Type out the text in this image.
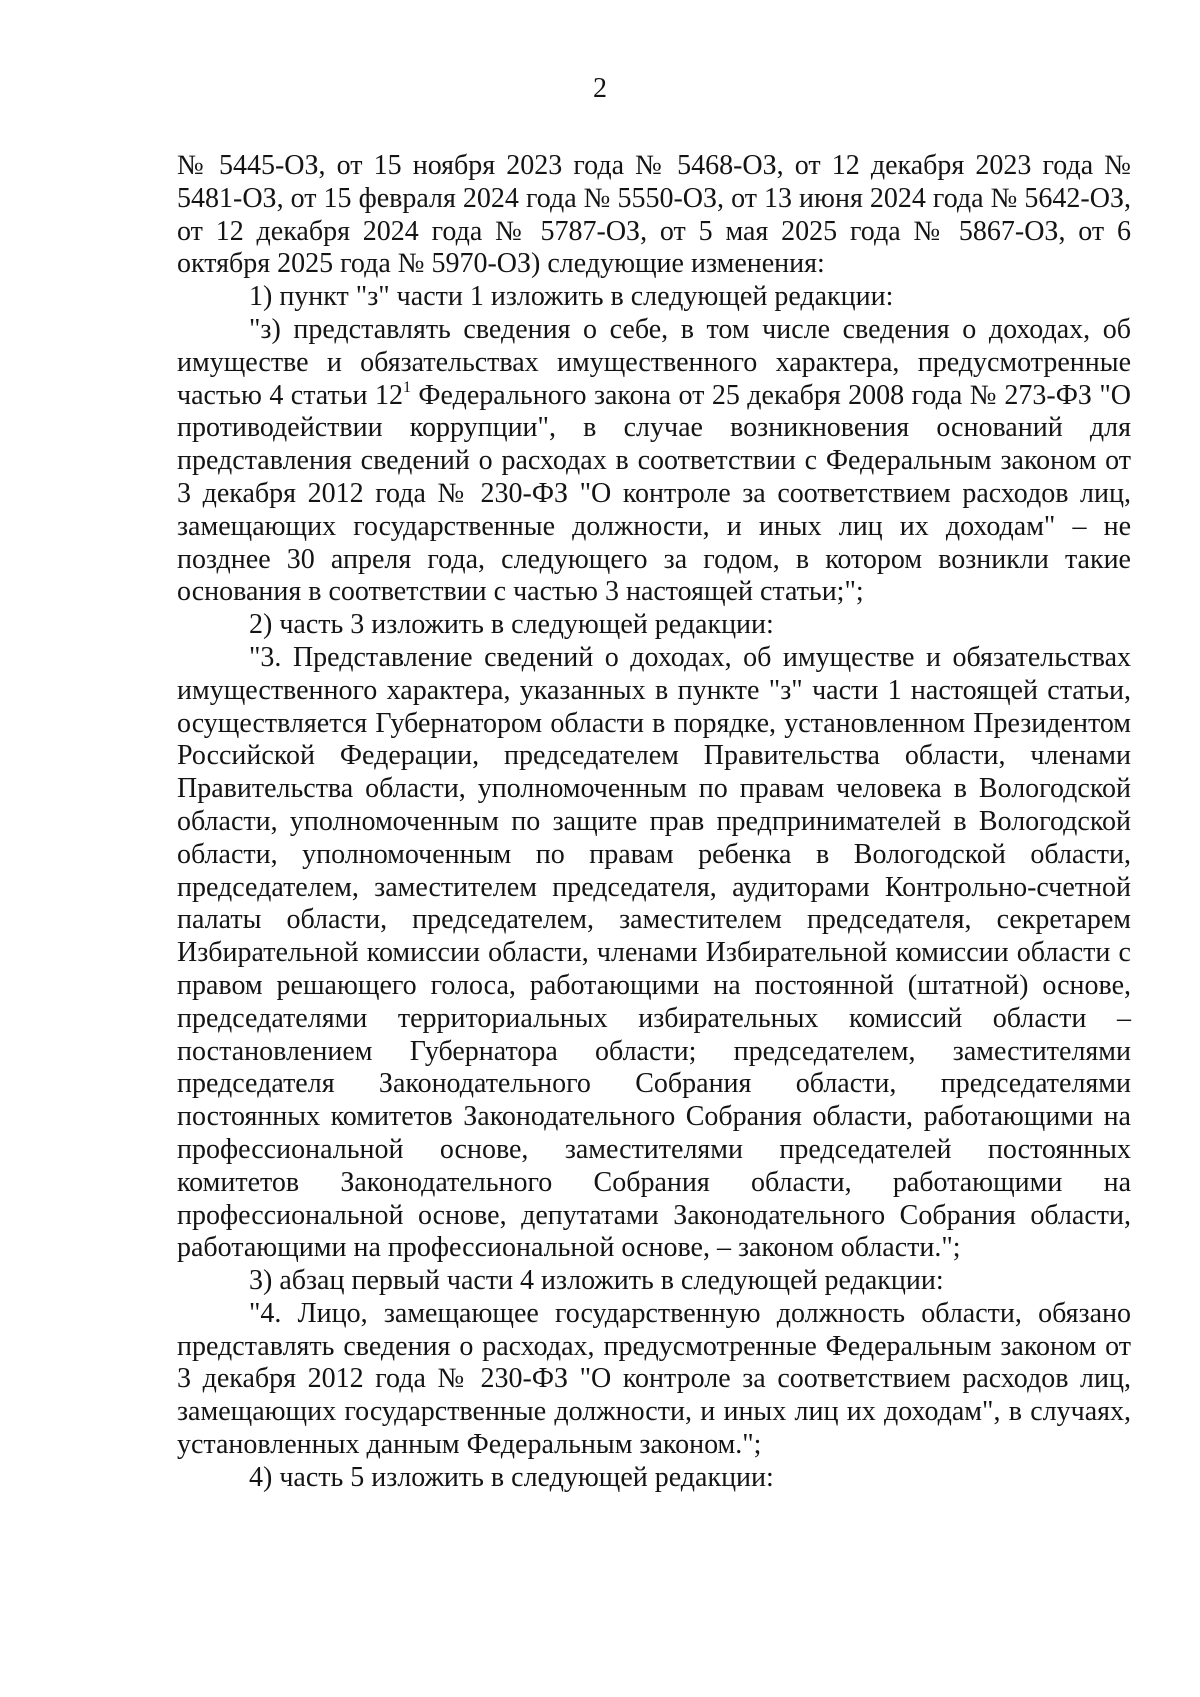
2

№ 5445-ОЗ, от 15 ноября 2023 года № 5468-ОЗ, от 12 декабря 2023 года № 5481-ОЗ, от 15 февраля 2024 года № 5550-ОЗ, от 13 июня 2024 года № 5642-ОЗ, от 12 декабря 2024 года № 5787-ОЗ, от 5 мая 2025 года № 5867-ОЗ, от 6 октября 2025 года № 5970-ОЗ) следующие изменения:

1) пункт "з" части 1 изложить в следующей редакции:

"з) представлять сведения о себе, в том числе сведения о доходах, об имуществе и обязательствах имущественного характера, предусмотренные частью 4 статьи $12^1$ Федерального закона от 25 декабря 2008 года № 273-ФЗ "О противодействии коррупции", в случае возникновения оснований для представления сведений о расходах в соответствии с Федеральным законом от 3 декабря 2012 года № 230-ФЗ "О контроле за соответствием расходов лиц, замещающих государственные должности, и иных лиц их доходам" – не позднее 30 апреля года, следующего за годом, в котором возникли такие основания в соответствии с частью 3 настоящей статьи;";

2) часть 3 изложить в следующей редакции:

"3. Представление сведений о доходах, об имуществе и обязательствах имущественного характера, указанных в пункте "з" части 1 настоящей статьи, осуществляется Губернатором области в порядке, установленном Президентом Российской Федерации, председателем Правительства области, членами Правительства области, уполномоченным по правам человека в Вологодской области, уполномоченным по защите прав предпринимателей в Вологодской области, уполномоченным по правам ребенка в Вологодской области, председателем, заместителем председателя, аудиторами Контрольно-счетной палаты области, председателем, заместителем председателя, секретарем Избирательной комиссии области, членами Избирательной комиссии области с правом решающего голоса, работающими на постоянной (штатной) основе, председателями территориальных избирательных комиссий области – постановлением Губернатора области; председателем, заместителями председателя Законодательного Собрания области, председателями постоянных комитетов Законодательного Собрания области, работающими на профессиональной основе, заместителями председателей постоянных комитетов Законодательного Собрания области, работающими на профессиональной основе, депутатами Законодательного Собрания области, работающими на профессиональной основе, – законом области.";

3) абзац первый части 4 изложить в следующей редакции:

"4. Лицо, замещающее государственную должность области, обязано представлять сведения о расходах, предусмотренные Федеральным законом от 3 декабря 2012 года № 230-ФЗ "О контроле за соответствием расходов лиц, замещающих государственные должности, и иных лиц их доходам", в случаях, установленных данным Федеральным законом.";

4) часть 5 изложить в следующей редакции:
